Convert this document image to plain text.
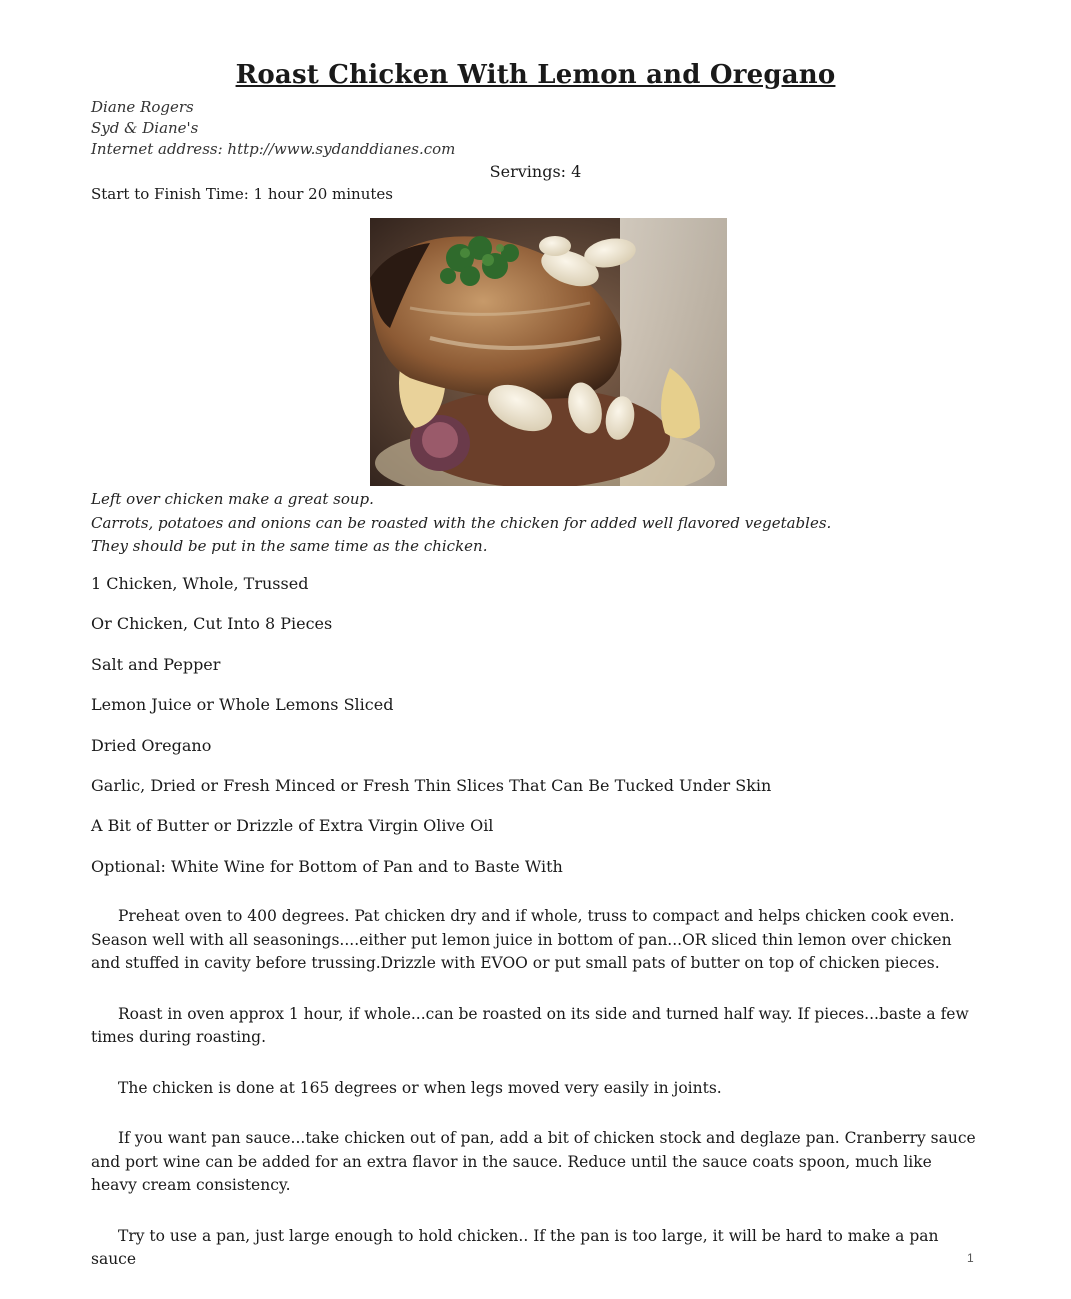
Roast Chicken With Lemon and Oregano
Diane Rogers
Syd & Diane's
Internet address: http://www.sydanddianes.com
Servings: 4
Start to Finish Time: 1 hour 20 minutes
Left over chicken make a great soup.
Carrots, potatoes and onions can be roasted with the chicken for added well flavored vegetables.
They should be put in the same time as the chicken.
1 Chicken, Whole, Trussed
Or Chicken, Cut Into 8 Pieces
Salt and Pepper
Lemon Juice or Whole Lemons Sliced
Dried Oregano
Garlic, Dried or Fresh Minced or Fresh Thin Slices That Can Be Tucked Under Skin
A Bit of Butter or Drizzle of Extra Virgin Olive Oil
Optional: White Wine for Bottom of Pan and to Baste With

Preheat oven to 400 degrees. Pat chicken dry and if whole, truss to compact and helps chicken cook even. Season well with all seasonings....either put lemon juice in bottom of pan...OR sliced thin lemon over chicken and stuffed in cavity before trussing.Drizzle with EVOO or put small pats of butter on top of chicken pieces.

Roast in oven approx 1 hour, if whole...can be roasted on its side and turned half way. If pieces...baste a few times during roasting.

The chicken is done at 165 degrees or when legs moved very easily in joints.

If you want pan sauce...take chicken out of pan, add a bit of chicken stock and deglaze pan. Cranberry sauce and port wine can be added for an extra flavor in the sauce. Reduce until the sauce coats spoon, much like heavy cream consistency.

Try to use a pan, just large enough to hold chicken.. If the pan is too large, it will be hard to make a pan sauce	1
